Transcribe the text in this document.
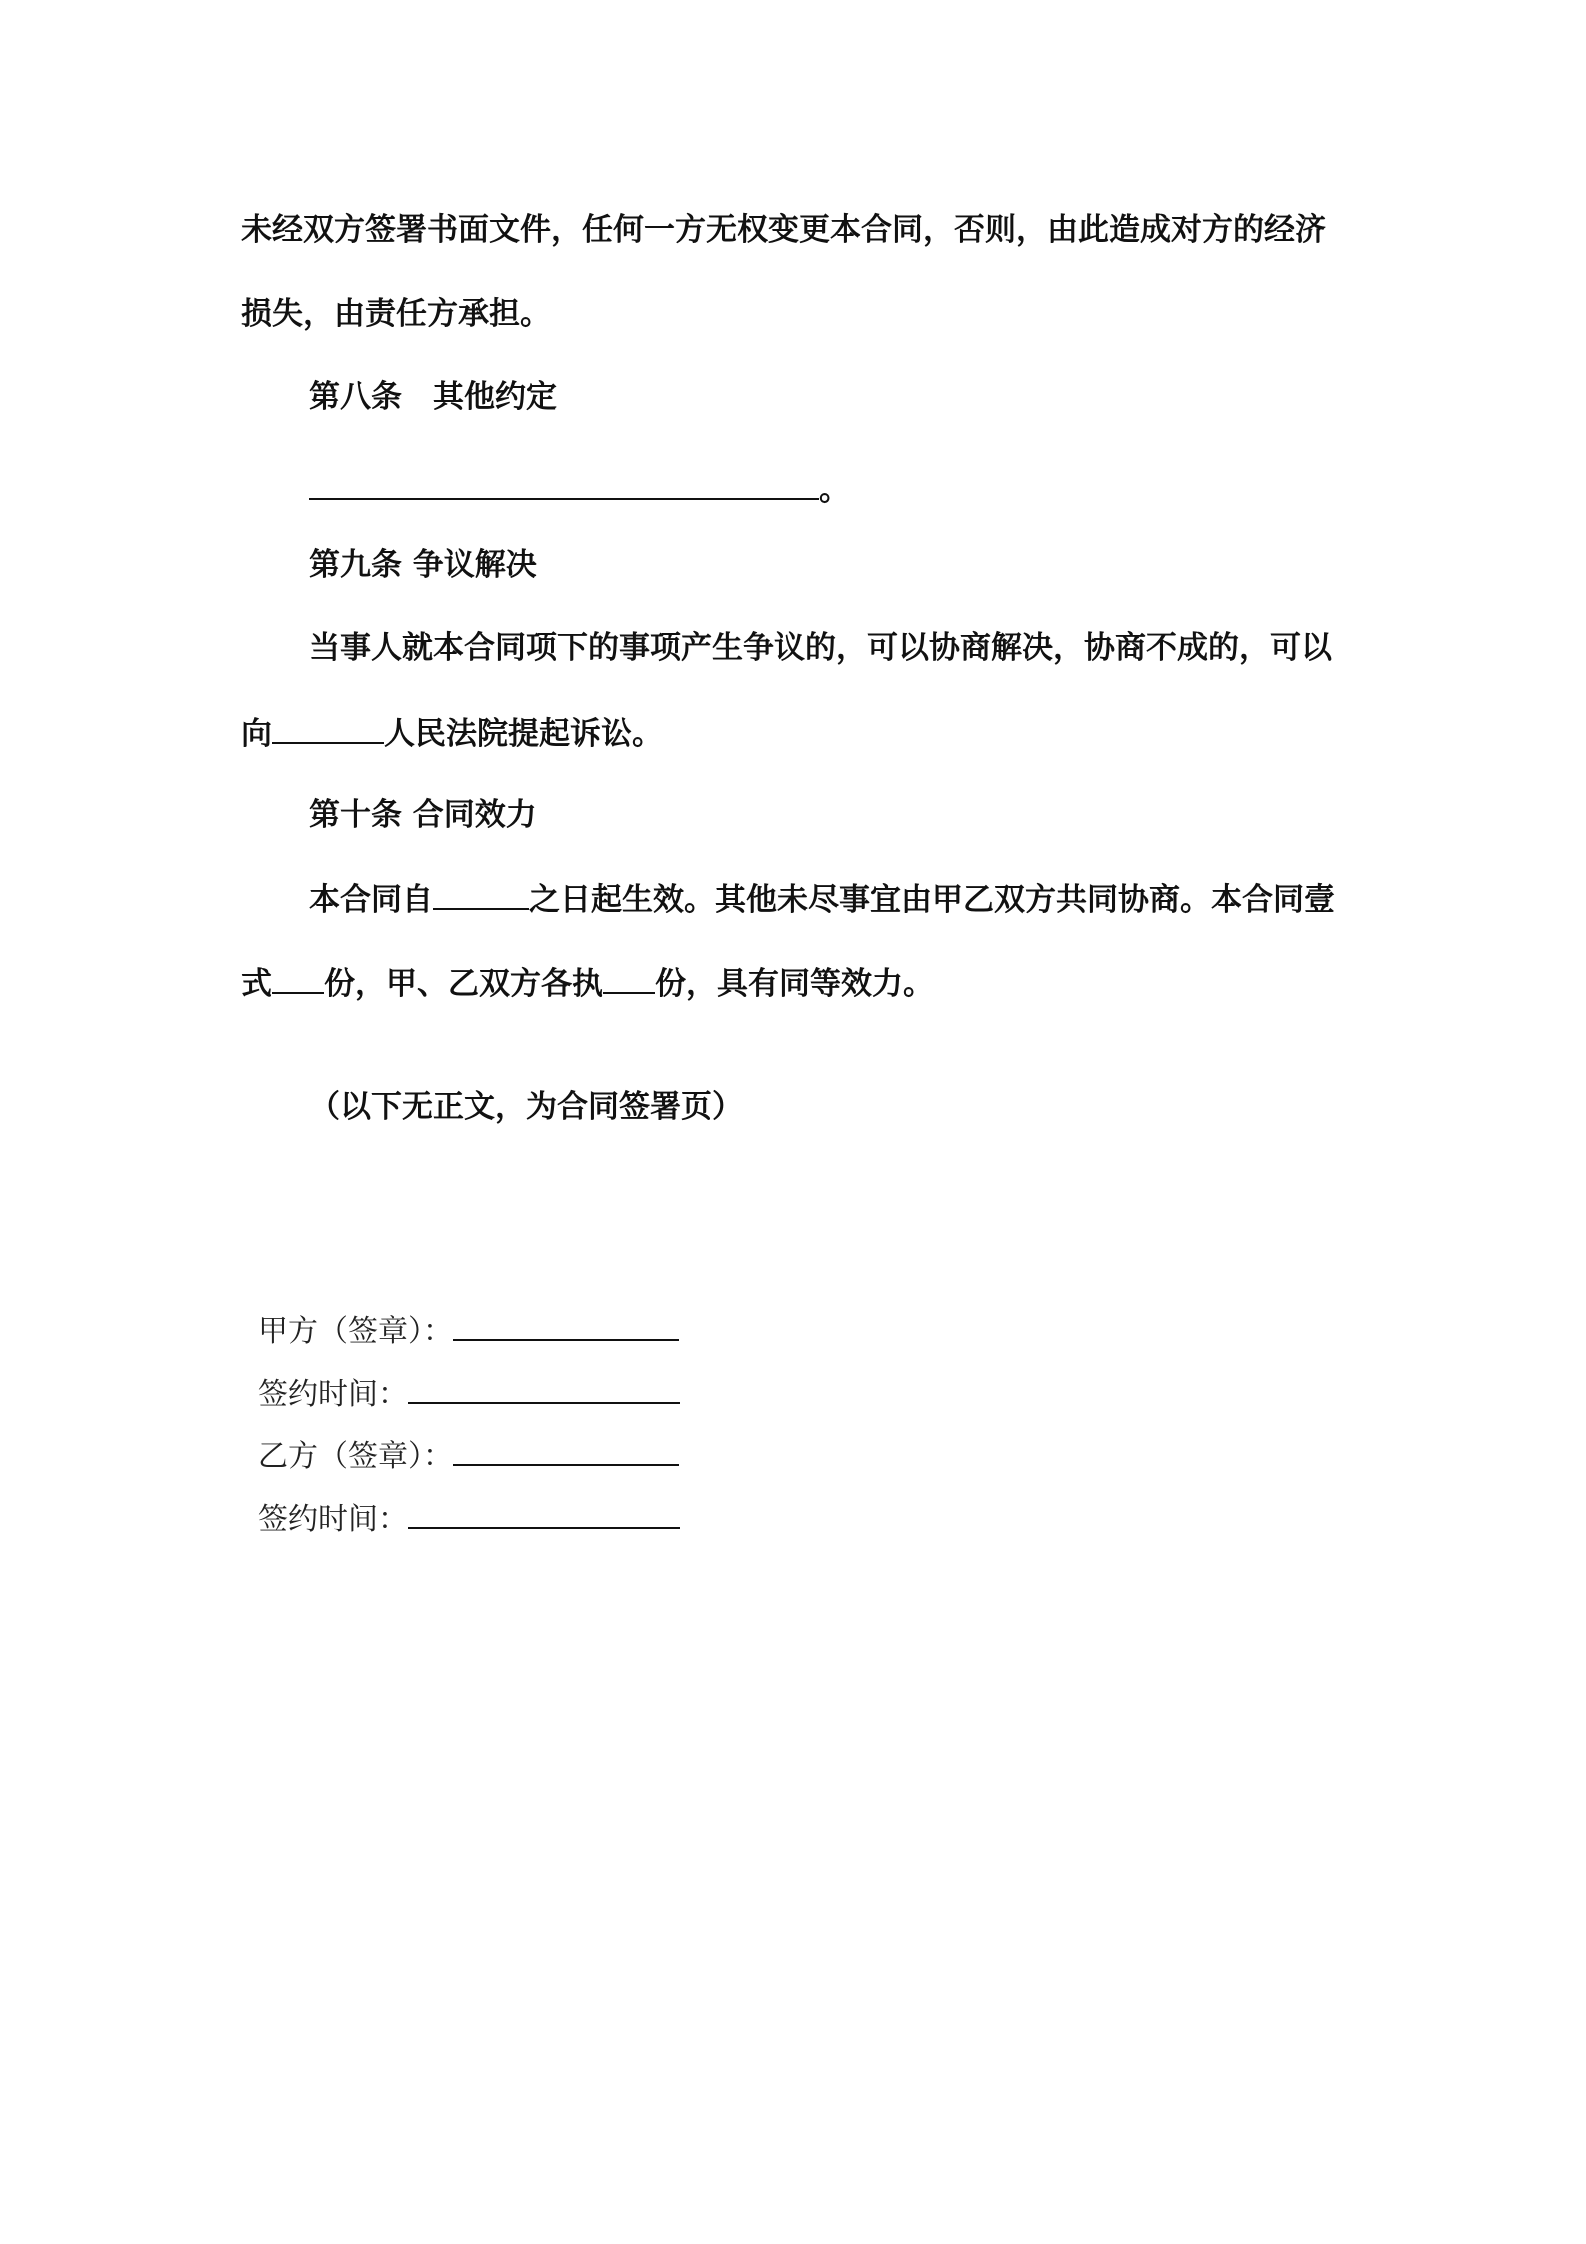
未经双方签署书面文件，任何一方无权变更本合同，否则，由此造成对方的经济
损失，由责任方承担。
第八条　其他约定
。
第九条 争议解决
当事人就本合同项下的事项产生争议的，可以协商解决，协商不成的，可以
向	人民法院提起诉讼。
第十条 合同效力
本合同自	之日起生效。其他未尽事宜由甲乙双方共同协商。本合同壹
式 份，甲、乙双方各执 份，具有同等效力。
（以下无正文，为合同签署页）
甲方（签章）：
签约时间：
乙方（签章）：
签约时间：
